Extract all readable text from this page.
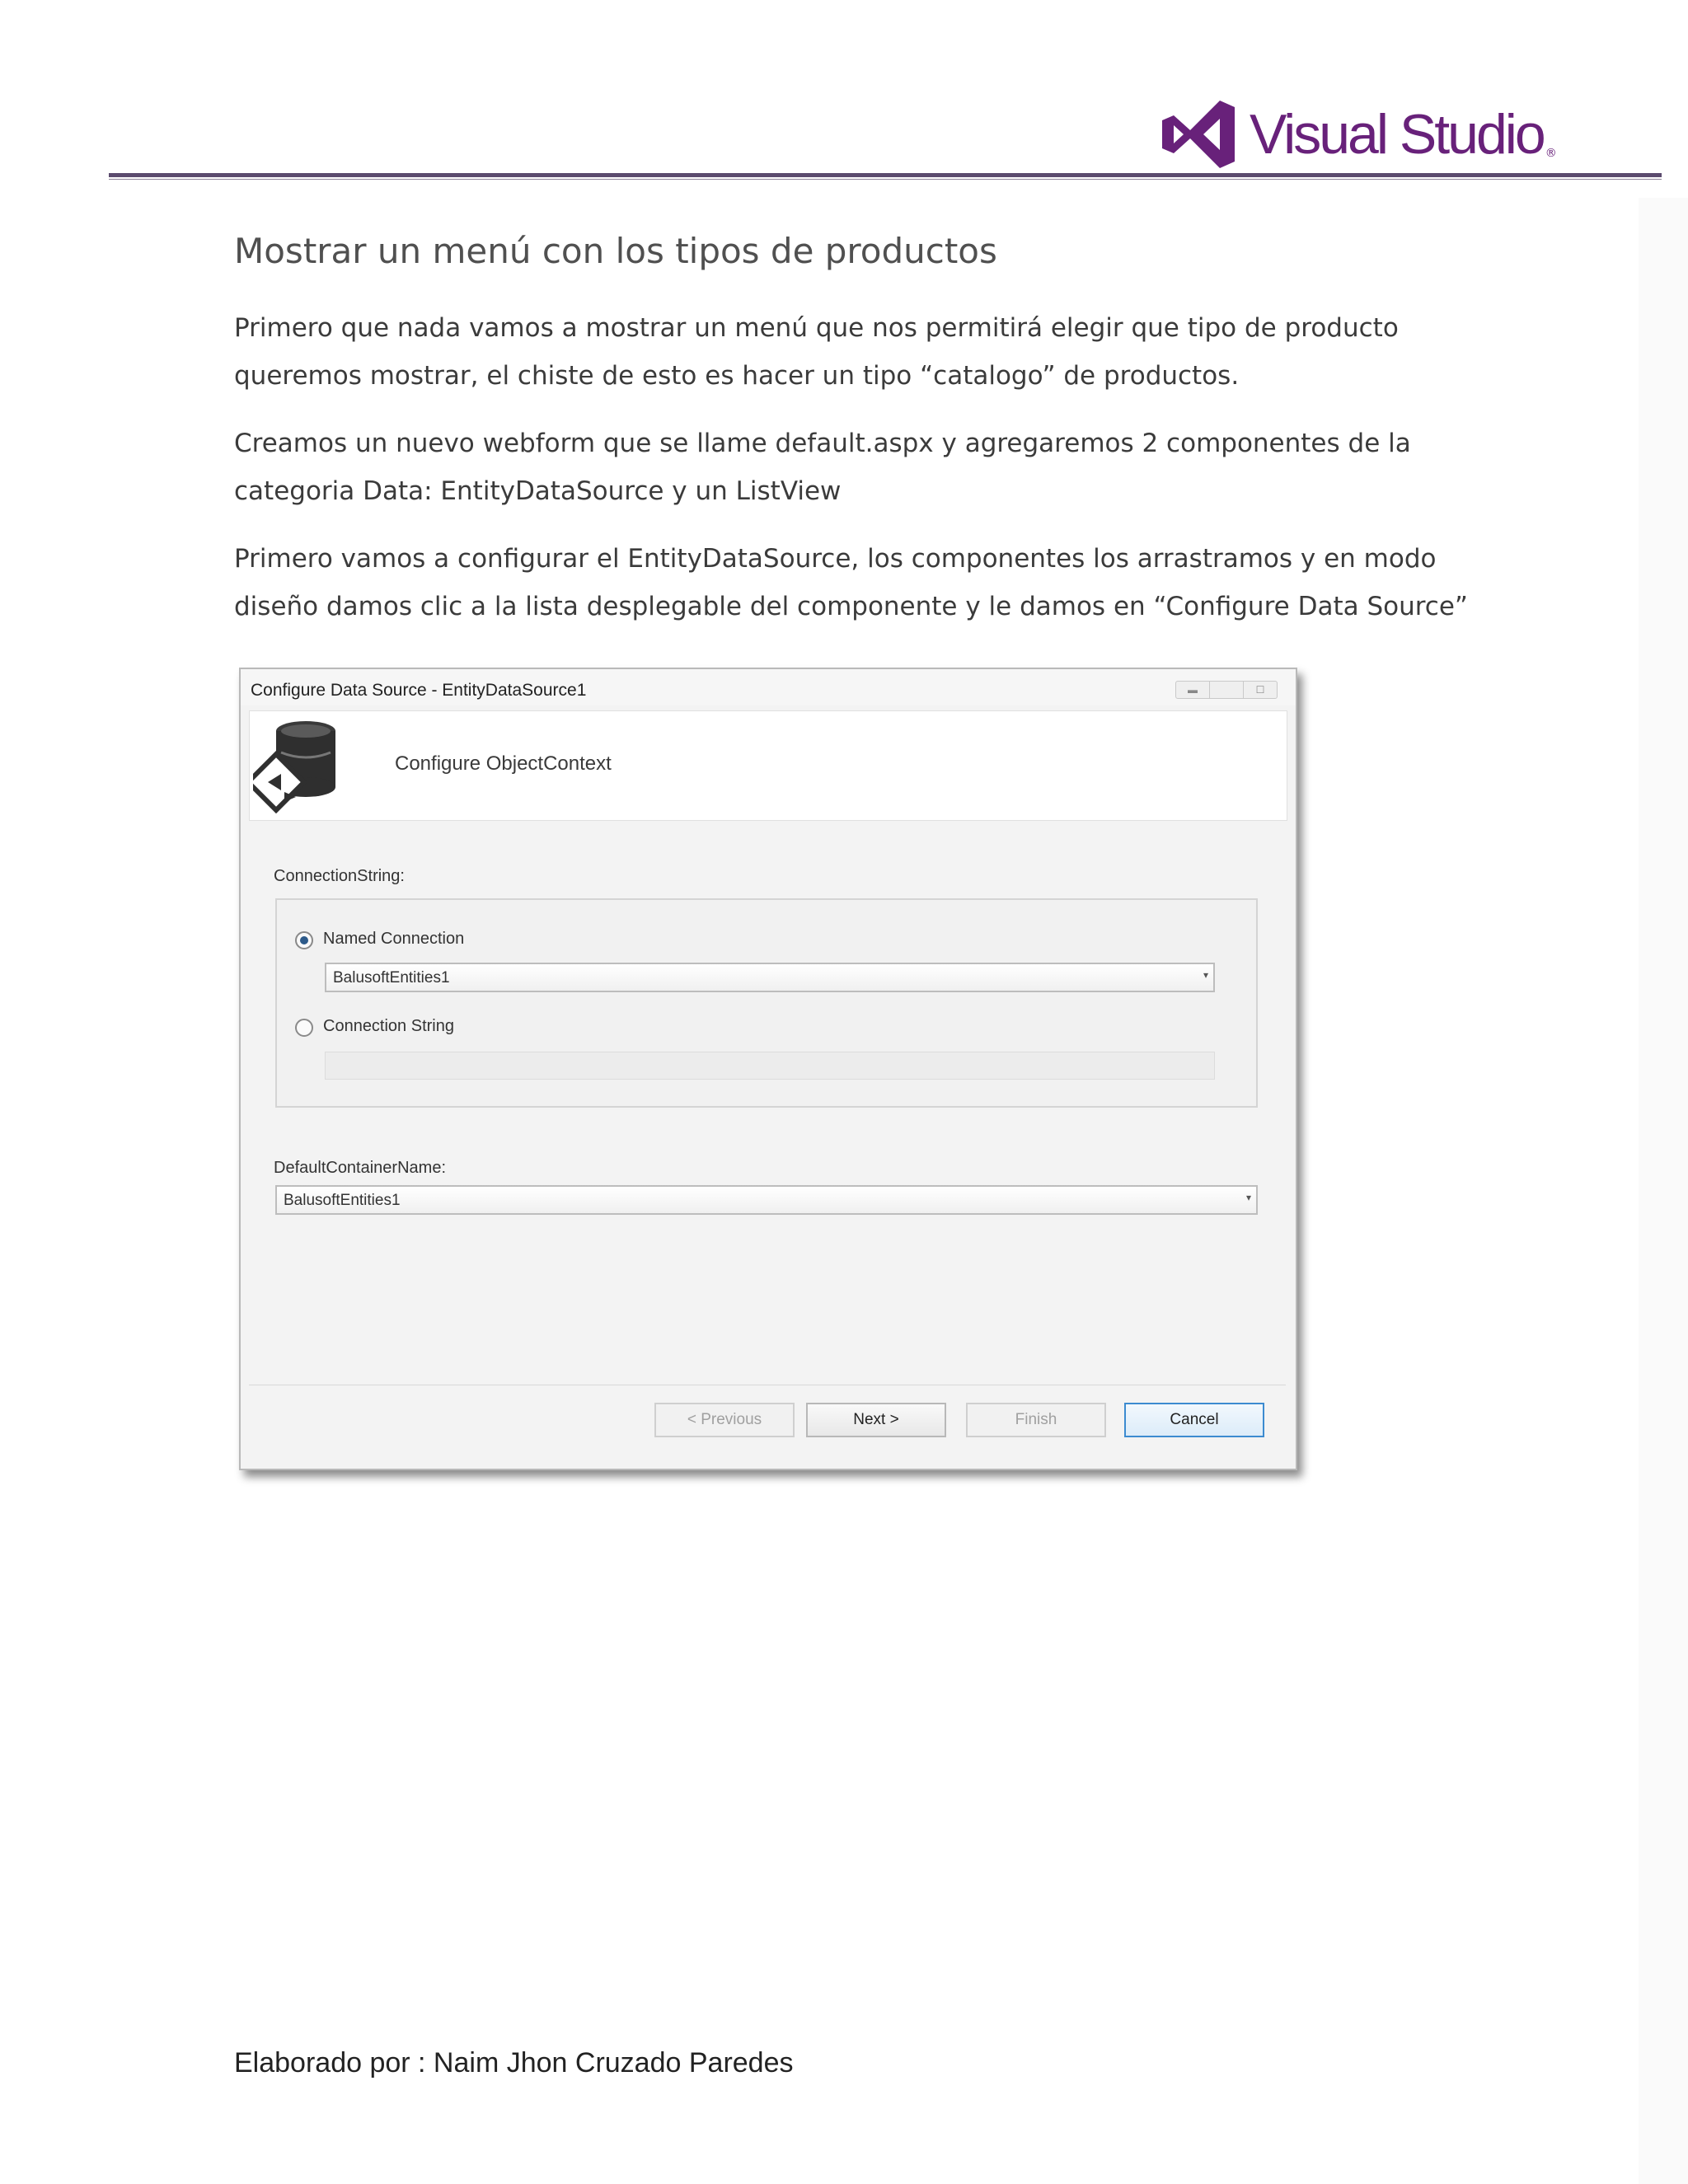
Visual Studio ®
Mostrar un menú con los tipos de productos

Primero que nada vamos a mostrar un menú que nos permitirá elegir que tipo de producto
queremos mostrar, el chiste de esto es hacer un tipo “catalogo” de productos.

Creamos un nuevo webform que se llame default.aspx y agregaremos 2 componentes de la
categoria Data: EntityDataSource y un ListView

Primero vamos a configurar el EntityDataSource, los componentes los arrastramos y en modo
diseño damos clic a la lista desplegable del componente y le damos en “Configure Data Source”

Configure Data Source - EntityDataSource1	▬	☐
Configure ObjectContext
ConnectionString:
Named Connection
BalusoftEntities1	▾
Connection String
DefaultContainerName:
BalusoftEntities1	▾
< Previous	Next >	Finish	Cancel
Elaborado por : Naim Jhon Cruzado Paredes
